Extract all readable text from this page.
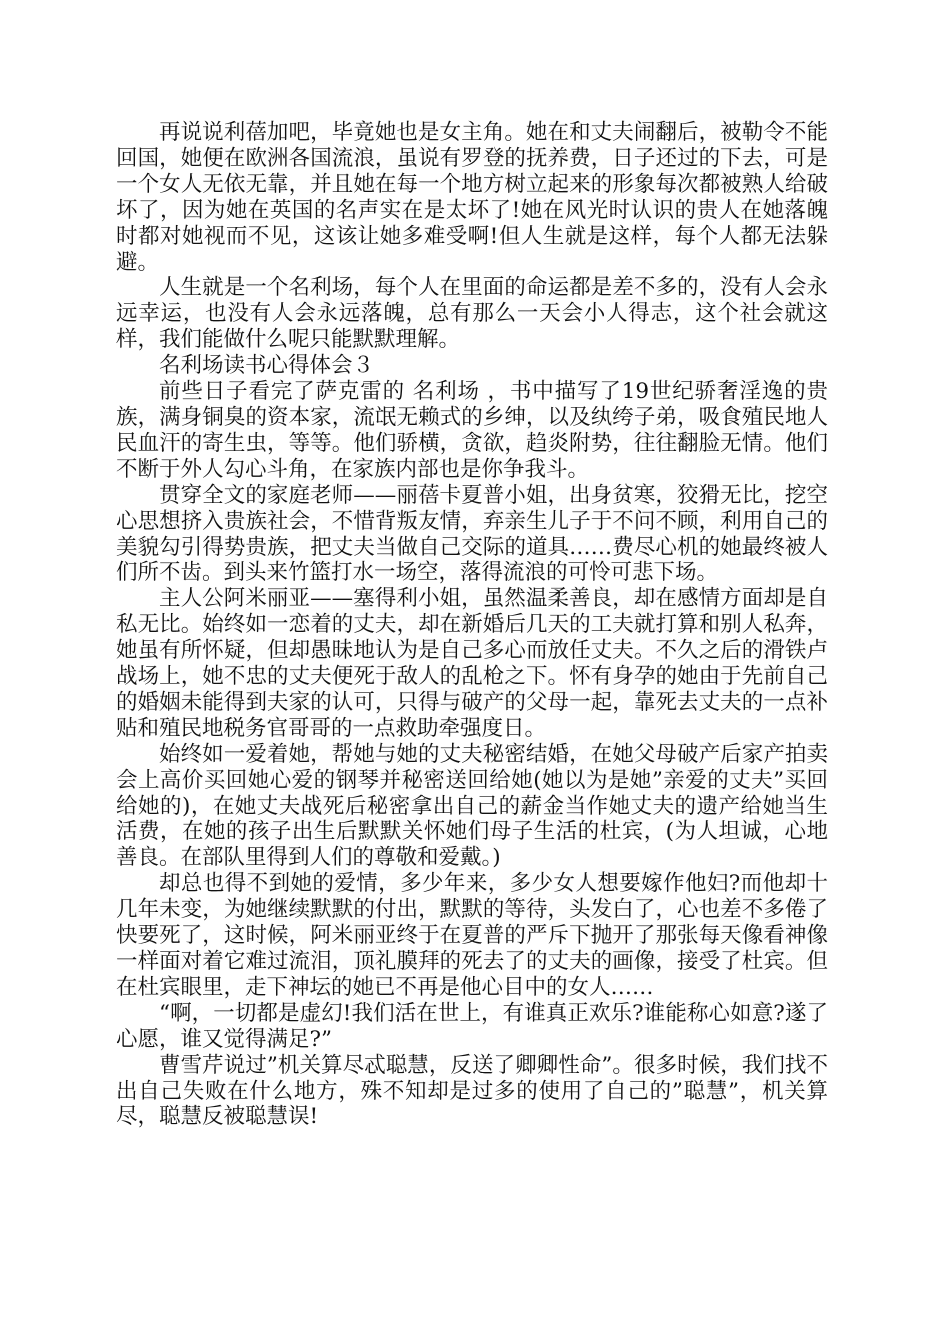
再说说利蓓加吧，毕竟她也是女主角。她在和丈夫闹翻后，被勒令不能回国，她便在欧洲各国流浪，虽说有罗登的抚养费，日子还过的下去，可是一个女人无依无靠，并且她在每一个地方树立起来的形象每次都被熟人给破坏了，因为她在英国的名声实在是太坏了!她在风光时认识的贵人在她落魄时都对她视而不见，这该让她多难受啊!但人生就是这样，每个人都无法躲避。

人生就是一个名利场，每个人在里面的命运都是差不多的，没有人会永远幸运，也没有人会永远落魄，总有那么一天会小人得志，这个社会就这样，我们能做什么呢只能默默理解。

名利场读书心得体会３

前些日子看完了萨克雷的 名利场 ，书中描写了19世纪骄奢淫逸的贵族，满身铜臭的资本家，流氓无赖式的乡绅，以及纨绔子弟，吸食殖民地人民血汗的寄生虫，等等。他们骄横，贪欲，趋炎附势，往往翻脸无情。他们不断于外人勾心斗角，在家族内部也是你争我斗。

贯穿全文的家庭老师——丽蓓卡夏普小姐，出身贫寒，狡猾无比，挖空心思想挤入贵族社会，不惜背叛友情，弃亲生儿子于不问不顾，利用自己的美貌勾引得势贵族，把丈夫当做自己交际的道具……费尽心机的她最终被人们所不齿。到头来竹篮打水一场空，落得流浪的可怜可悲下场。

主人公阿米丽亚——塞得利小姐，虽然温柔善良，却在感情方面却是自私无比。始终如一恋着的丈夫，却在新婚后几天的工夫就打算和别人私奔，她虽有所怀疑，但却愚昧地认为是自己多心而放任丈夫。不久之后的滑铁卢战场上，她不忠的丈夫便死于敌人的乱枪之下。怀有身孕的她由于先前自己的婚姻未能得到夫家的认可，只得与破产的父母一起，靠死去丈夫的一点补贴和殖民地税务官哥哥的一点救助牵强度日。

始终如一爱着她，帮她与她的丈夫秘密结婚，在她父母破产后家产拍卖会上高价买回她心爱的钢琴并秘密送回给她(她以为是她”亲爱的丈夫”买回给她的)，在她丈夫战死后秘密拿出自己的薪金当作她丈夫的遗产给她当生活费，在她的孩子出生后默默关怀她们母子生活的杜宾，(为人坦诚，心地善良。在部队里得到人们的尊敬和爱戴。)

却总也得不到她的爱情，多少年来，多少女人想要嫁作他妇?而他却十几年未变，为她继续默默的付出，默默的等待，头发白了，心也差不多倦了快要死了，这时候，阿米丽亚终于在夏普的严斥下抛开了那张每天像看神像一样面对着它难过流泪，顶礼膜拜的死去了的丈夫的画像，接受了杜宾。但在杜宾眼里，走下神坛的她已不再是他心目中的女人……

“啊，一切都是虚幻!我们活在世上，有谁真正欢乐?谁能称心如意?遂了心愿，谁又觉得满足?”

曹雪芹说过”机关算尽忒聪慧，反送了卿卿性命”。很多时候，我们找不出自己失败在什么地方，殊不知却是过多的使用了自己的”聪慧”，机关算尽，聪慧反被聪慧误!
